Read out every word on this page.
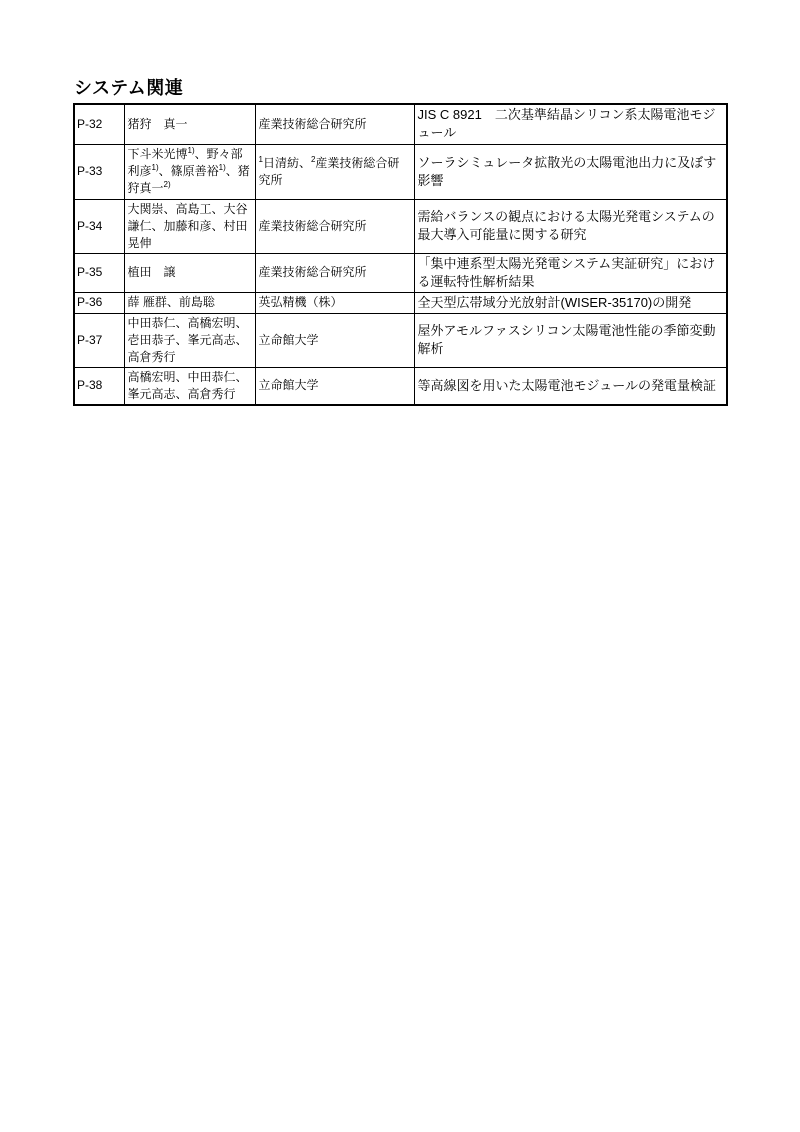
システム関連
P-32	猪狩　真一	産業技術総合研究所	JIS C 8921　二次基準結晶シリコン系太陽電池モジュール
P-33	下斗米光博$^{1)}$、野々部利彦$^{1)}$、篠原善裕$^{1)}$、猪狩真一$^{2)}$	$^1$日清紡、$^2$産業技術総合研究所	ソーラシミュレータ拡散光の太陽電池出力に及ぼす影響
P-34	大関崇、高島工、大谷謙仁、加藤和彦、村田晃伸	産業技術総合研究所	需給バランスの観点における太陽光発電システムの最大導入可能量に関する研究
P-35	植田　譲	産業技術総合研究所	「集中連系型太陽光発電システム実証研究」における運転特性解析結果
P-36	薛 雁群、前島聡	英弘精機（株）	全天型広帯域分光放射計(WISER-35170)の開発
P-37	中田恭仁、高橋宏明、壱田恭子、峯元高志、高倉秀行	立命館大学	屋外アモルファスシリコン太陽電池性能の季節変動解析
P-38	高橋宏明、中田恭仁、峯元高志、高倉秀行	立命館大学	等高線図を用いた太陽電池モジュールの発電量検証
